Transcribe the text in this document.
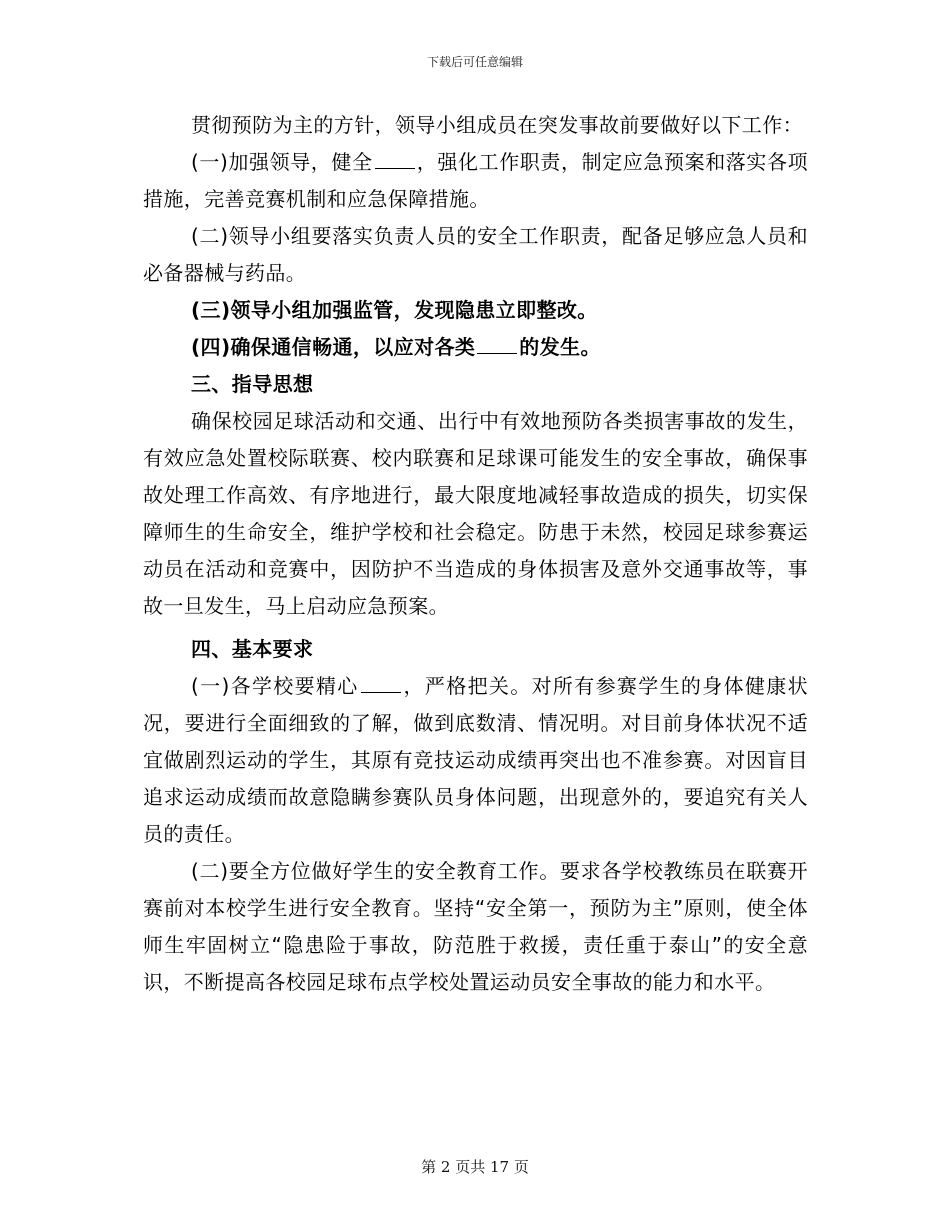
下载后可任意编辑

贯彻预防为主的方针，领导小组成员在突发事故前要做好以下工作：

(一)加强领导，健全 ，强化工作职责，制定应急预案和落实各项措施，完善竞赛机制和应急保障措施。

(二)领导小组要落实负责人员的安全工作职责，配备足够应急人员和必备器械与药品。

(三)领导小组加强监管，发现隐患立即整改。

(四)确保通信畅通，以应对各类 的发生。

三、指导思想

确保校园足球活动和交通、出行中有效地预防各类损害事故的发生，有效应急处置校际联赛、校内联赛和足球课可能发生的安全事故，确保事故处理工作高效、有序地进行，最大限度地减轻事故造成的损失，切实保障师生的生命安全，维护学校和社会稳定。防患于未然，校园足球参赛运动员在活动和竞赛中，因防护不当造成的身体损害及意外交通事故等，事故一旦发生，马上启动应急预案。

四、基本要求

(一)各学校要精心 ，严格把关。对所有参赛学生的身体健康状况，要进行全面细致的了解，做到底数清、情况明。对目前身体状况不适宜做剧烈运动的学生，其原有竞技运动成绩再突出也不准参赛。对因盲目追求运动成绩而故意隐瞒参赛队员身体问题，出现意外的，要追究有关人员的责任。

(二)要全方位做好学生的安全教育工作。要求各学校教练员在联赛开赛前对本校学生进行安全教育。坚持“安全第一，预防为主”原则，使全体师生牢固树立“隐患险于事故，防范胜于救援，责任重于泰山”的安全意识，不断提高各校园足球布点学校处置运动员安全事故的能力和水平。

第 2 页共 17 页
